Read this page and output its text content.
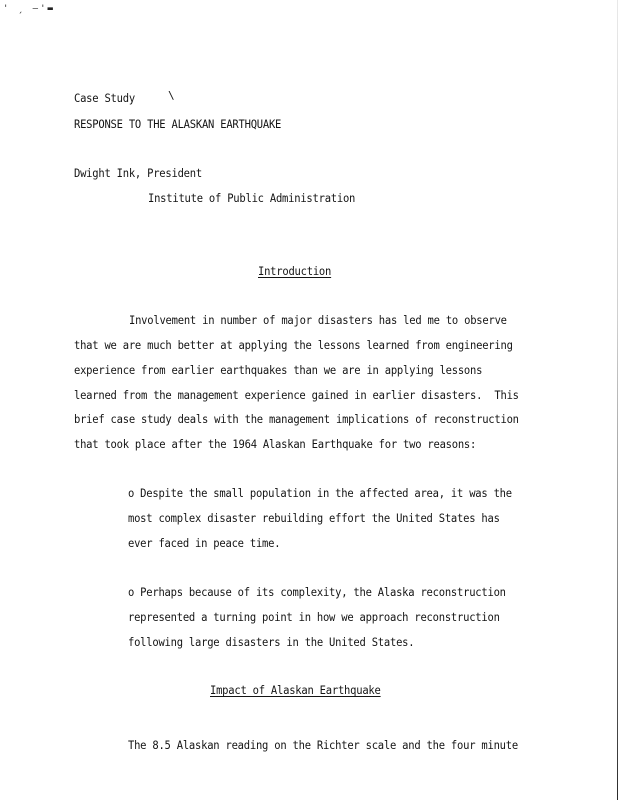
' ˏ –'▬
Case Study	\
RESPONSE TO THE ALASKAN EARTHQUAKE
Dwight Ink, President
Institute of Public Administration
Introduction
Involvement in number of major disasters has led me to observe
that we are much better at applying the lessons learned from engineering
experience from earlier earthquakes than we are in applying lessons
learned from the management experience gained in earlier disasters.  This
brief case study deals with the management implications of reconstruction
that took place after the 1964 Alaskan Earthquake for two reasons:
o Despite the small population in the affected area, it was the
most complex disaster rebuilding effort the United States has
ever faced in peace time.
o Perhaps because of its complexity, the Alaska reconstruction
represented a turning point in how we approach reconstruction
following large disasters in the United States.
Impact of Alaskan Earthquake
The 8.5 Alaskan reading on the Richter scale and the four minute
